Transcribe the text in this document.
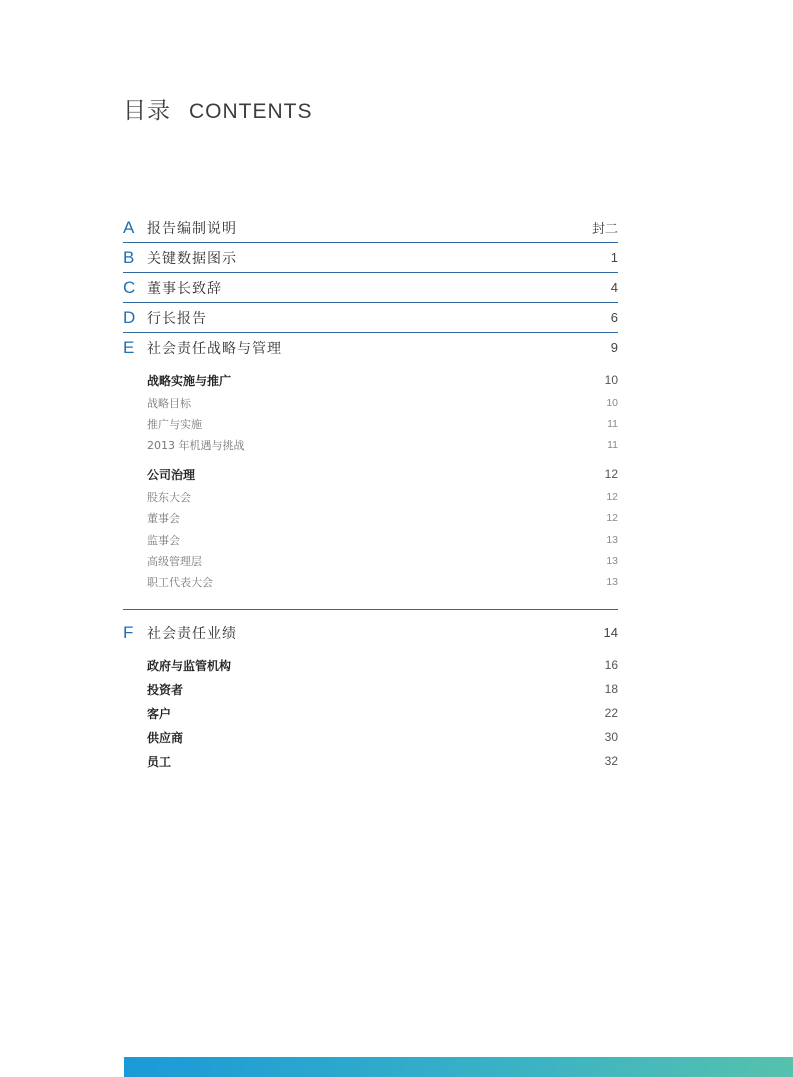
目录 CONTENTS
A 报告编制说明	封二
B 关键数据图示	1
C 董事长致辞	4
D 行长报告	6
E 社会责任战略与管理	9
战略实施与推广	10
战略目标	10
推广与实施	11
2013 年机遇与挑战	11
公司治理	12
股东大会	12
董事会	12
监事会	13
高级管理层	13
职工代表大会	13
F 社会责任业绩	14
政府与监管机构	16
投资者	18
客户	22
供应商	30
员工	32
